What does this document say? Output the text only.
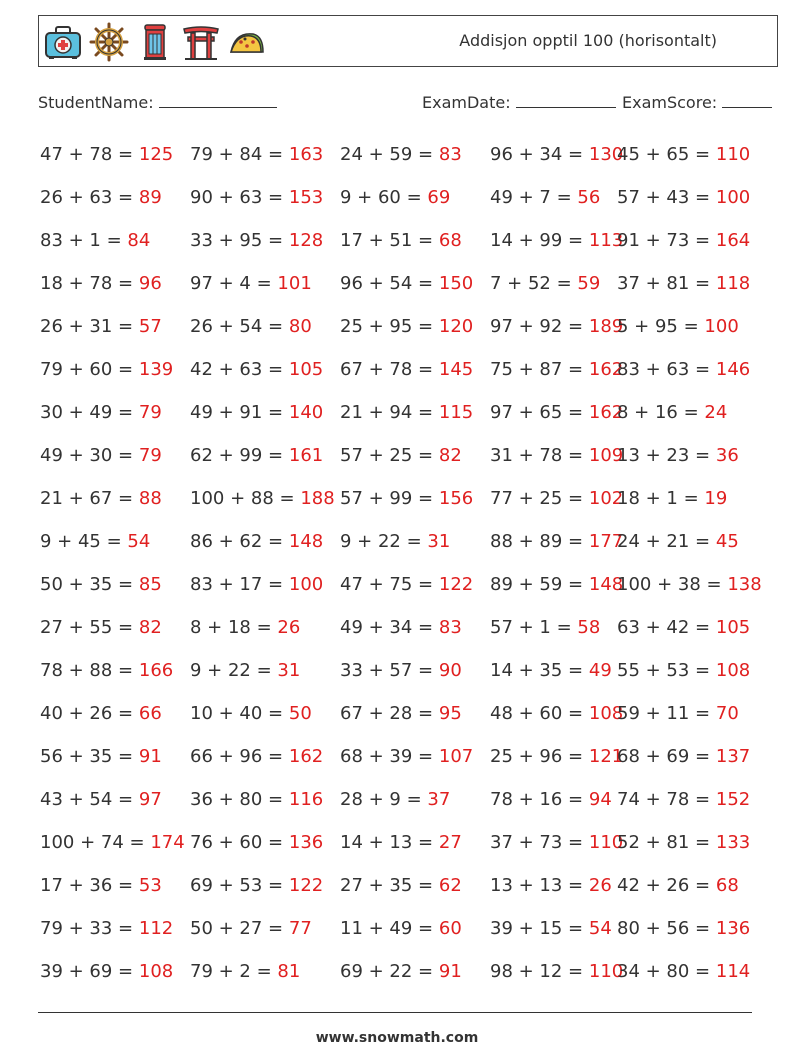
Addisjon opptil 100 (horisontalt)
StudentName:	ExamDate:	ExamScore:
47 + 78 = 125 79 + 84 = 163 24 + 59 = 83 96 + 34 = 130
45 + 65 = 110
26 + 63 = 89 90 + 63 = 153 9 + 60 = 69 49 + 7 = 56 57 + 43 = 100
83 + 1 = 84 33 + 95 = 128 17 + 51 = 68 14 + 99 = 113
91 + 73 = 164
18 + 78 = 96 97 + 4 = 101 96 + 54 = 150 7 + 52 = 59 37 + 81 = 118
26 + 31 = 57 26 + 54 = 80 25 + 95 = 120 97 + 92 = 189
5 + 95 = 100
79 + 60 = 139 42 + 63 = 105 67 + 78 = 145 75 + 87 = 162
83 + 63 = 146
30 + 49 = 79 49 + 91 = 140 21 + 94 = 115 97 + 65 = 162
8 + 16 = 24
49 + 30 = 79 62 + 99 = 161 57 + 25 = 82 31 + 78 = 109
13 + 23 = 36
21 + 67 = 88 100 + 88 = 188 57 + 99 = 156 77 + 25 = 102
18 + 1 = 19
9 + 45 = 54 86 + 62 = 148 9 + 22 = 31 88 + 89 = 177
24 + 21 = 45
50 + 35 = 85 83 + 17 = 100 47 + 75 = 122 89 + 59 = 148
100 + 38 = 138
27 + 55 = 82 8 + 18 = 26 49 + 34 = 83 57 + 1 = 58 63 + 42 = 105
78 + 88 = 166 9 + 22 = 31 33 + 57 = 90 14 + 35 = 49 55 + 53 = 108
40 + 26 = 66 10 + 40 = 50 67 + 28 = 95 48 + 60 = 108
59 + 11 = 70
56 + 35 = 91 66 + 96 = 162 68 + 39 = 107 25 + 96 = 121
68 + 69 = 137
43 + 54 = 97 36 + 80 = 116 28 + 9 = 37 78 + 16 = 94 74 + 78 = 152
100 + 74 = 174 76 + 60 = 136 14 + 13 = 27 37 + 73 = 110
52 + 81 = 133
17 + 36 = 53 69 + 53 = 122 27 + 35 = 62 13 + 13 = 26 42 + 26 = 68
79 + 33 = 112 50 + 27 = 77 11 + 49 = 60 39 + 15 = 54 80 + 56 = 136
39 + 69 = 108 79 + 2 = 81 69 + 22 = 91 98 + 12 = 110
34 + 80 = 114
www.snowmath.com
